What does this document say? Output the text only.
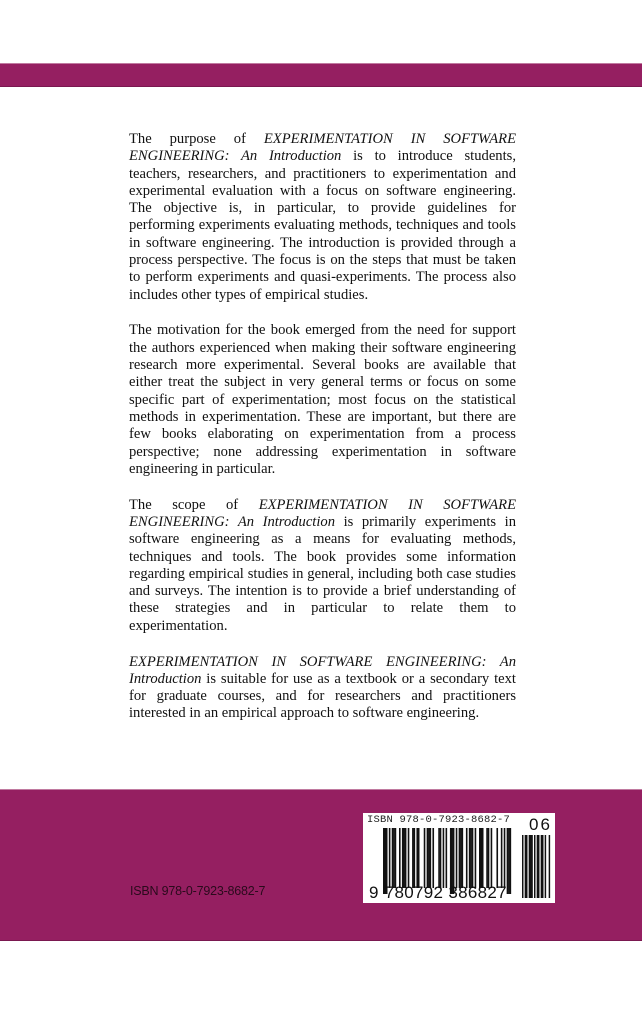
The purpose of EXPERIMENTATION IN SOFTWARE ENGINEERING: An Introduction is to introduce students, teachers, researchers, and practitioners to experimentation and experimental evaluation with a focus on software engineering. The objective is, in particular, to provide guidelines for performing experiments evaluating methods, techniques and tools in software engineering. The introduction is provided through a process perspective. The focus is on the steps that must be taken to perform experiments and quasi-experiments. The process also includes other types of empirical studies.

The motivation for the book emerged from the need for support the authors experienced when making their software engineering research more experimental. Several books are available that either treat the subject in very general terms or focus on some specific part of experimentation; most focus on the statistical methods in experimentation. These are important, but there are few books elaborating on experimentation from a process perspective; none addressing experimentation in software engineering in particular.

The scope of EXPERIMENTATION IN SOFTWARE ENGINEERING: An Introduction is primarily experiments in software engineering as a means for evaluating methods, techniques and tools. The book provides some information regarding empirical studies in general, including both case studies and surveys. The intention is to provide a brief understanding of these strategies and in particular to relate them to experimentation.

EXPERIMENTATION IN SOFTWARE ENGINEERING: An Introduction is suitable for use as a textbook or a secondary text for graduate courses, and for researchers and practitioners interested in an empirical approach to software engineering.

ISBN 978-0-7923-8682-7
ISBN 978-0-7923-8682-7 06
9 780792 386827
